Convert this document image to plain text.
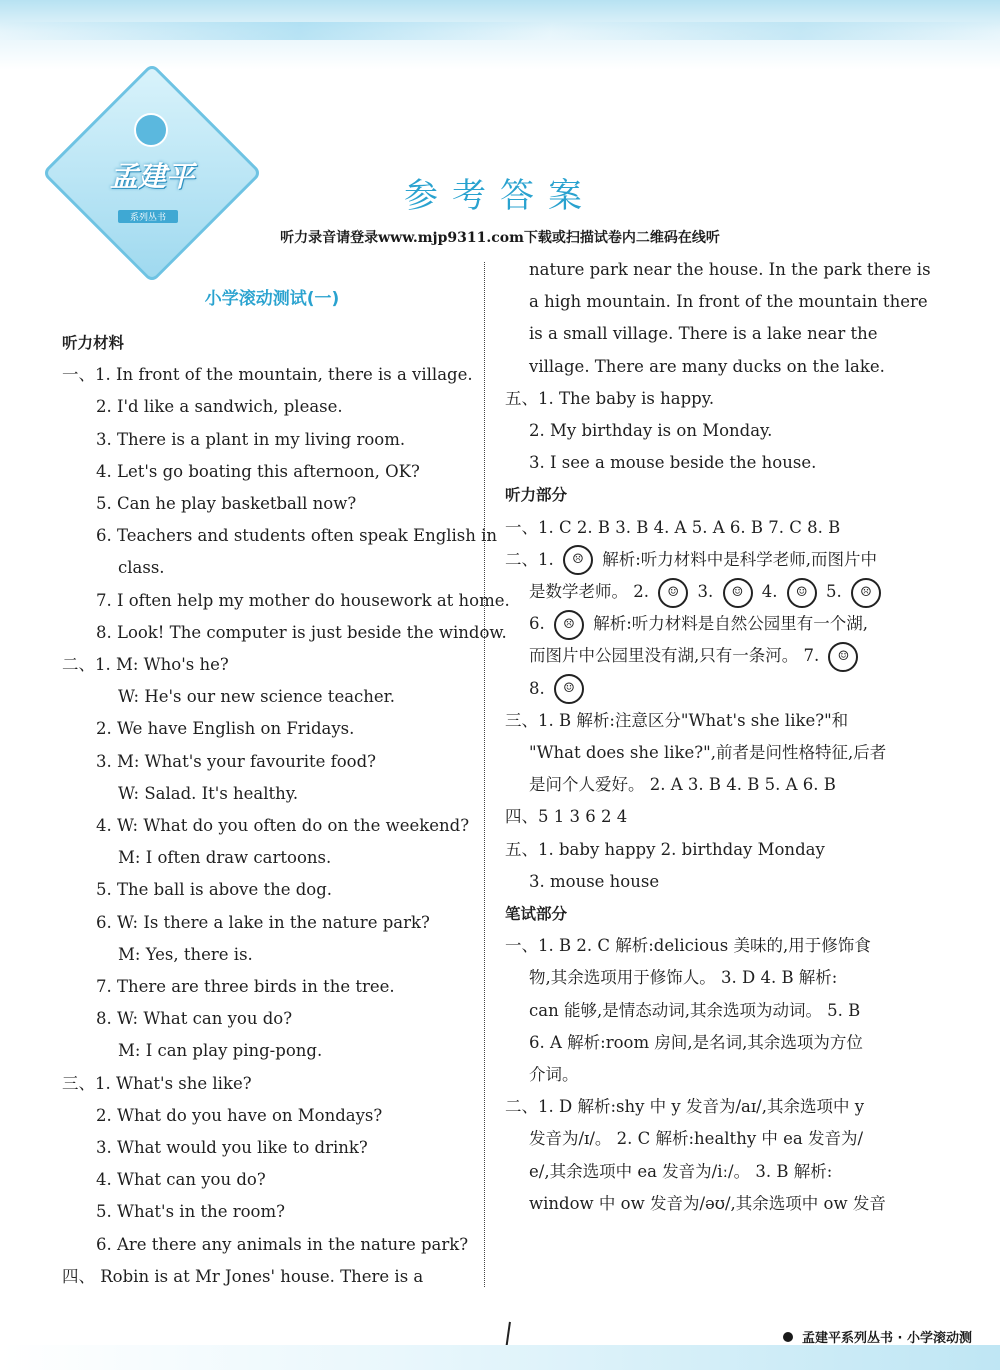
孟建平
系列丛书
参考答案
听力录音请登录www.mjp9311.com下载或扫描试卷内二维码在线听
小学滚动测试(一)
听力材料
一、1. In front of the mountain, there is a village.
2. I'd like a sandwich, please.
3. There is a plant in my living room.
4. Let's go boating this afternoon, OK?
5. Can he play basketball now?
6. Teachers and students often speak English in
class.
7. I often help my mother do housework at home.
8. Look! The computer is just beside the window.
二、1. M: Who's he?
W: He's our new science teacher.
2. We have English on Fridays.
3. M: What's your favourite food?
W: Salad. It's healthy.
4. W: What do you often do on the weekend?
M: I often draw cartoons.
5. The ball is above the dog.
6. W: Is there a lake in the nature park?
M: Yes, there is.
7. There are three birds in the tree.
8. W: What can you do?
M: I can play ping-pong.
三、1. What's she like?
2. What do you have on Mondays?
3. What would you like to drink?
4. What can you do?
5. What's in the room?
6. Are there any animals in the nature park?
四、 Robin is at Mr Jones' house. There is a
nature park near the house. In the park there is
a high mountain. In front of the mountain there
is a small village. There is a lake near the
village. There are many ducks on the lake.
五、1. The baby is happy.
2. My birthday is on Monday.
3. I see a mouse beside the house.
听力部分
一、1. C 2. B 3. B 4. A 5. A 6. B 7. C 8. B
二、1. ☹ 解析:听力材料中是科学老师,而图片中
是数学老师。 2. ☺ 3. ☺ 4. ☺ 5. ☹
6. ☹ 解析:听力材料是自然公园里有一个湖,
而图片中公园里没有湖,只有一条河。 7. ☺
8. ☺
三、1. B 解析:注意区分"What's she like?"和
"What does she like?",前者是问性格特征,后者
是问个人爱好。 2. A 3. B 4. B 5. A 6. B
四、5 1 3 6 2 4
五、1. baby happy 2. birthday Monday
3. mouse house
笔试部分
一、1. B 2. C 解析:delicious 美味的,用于修饰食
物,其余选项用于修饰人。 3. D 4. B 解析:
can 能够,是情态动词,其余选项为动词。 5. B
6. A 解析:room 房间,是名词,其余选项为方位
介词。
二、1. D 解析:shy 中 y 发音为/aɪ/,其余选项中 y
发音为/ɪ/。 2. C 解析:healthy 中 ea 发音为/
e/,其余选项中 ea 发音为/iː/。 3. B 解析:
window 中 ow 发音为/əʊ/,其余选项中 ow 发音
孟建平系列丛书 · 小学滚动测
